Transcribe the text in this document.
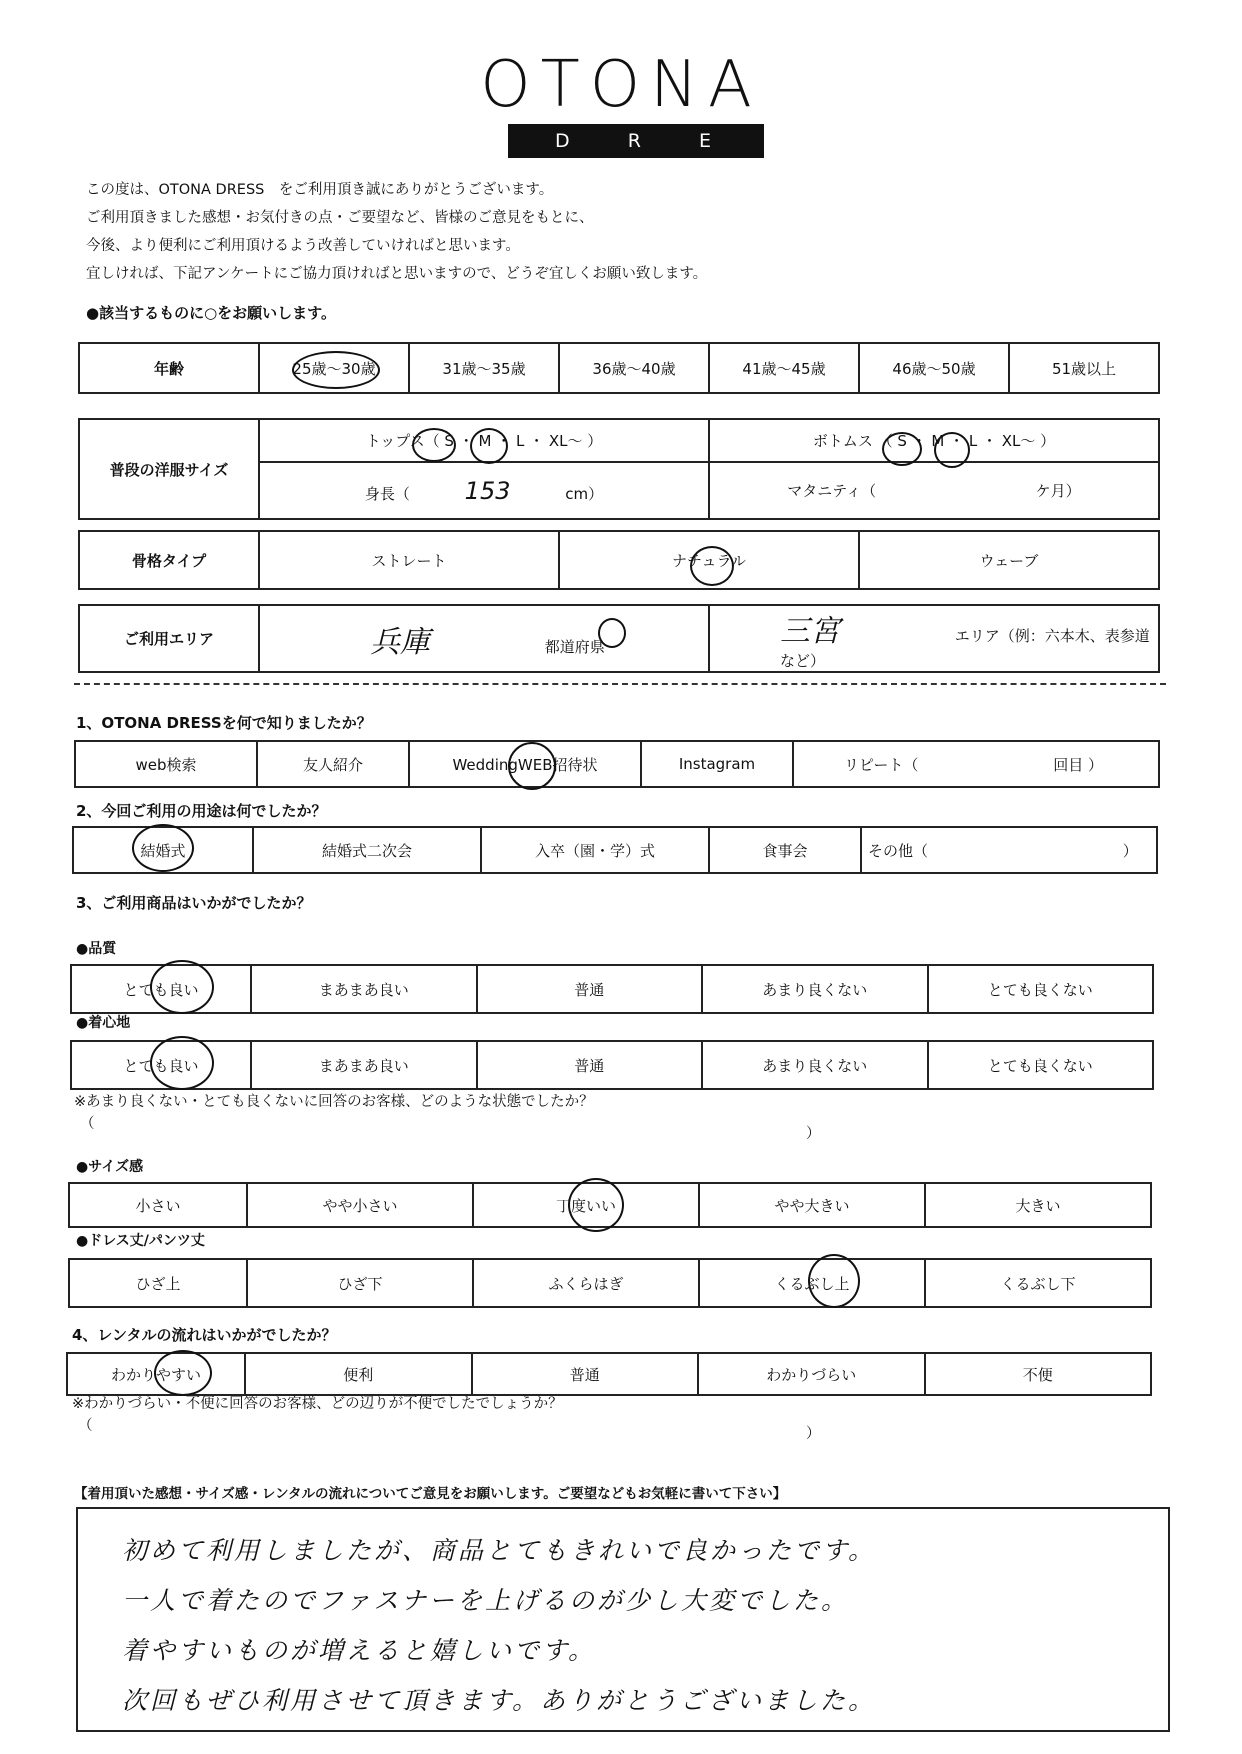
OTONA
D R E S S
この度は、OTONA DRESS　をご利用頂き誠にありがとうございます。
ご利用頂きました感想・お気付きの点・ご要望など、皆様のご意見をもとに、
今後、より便利にご利用頂けるよう改善していければと思います。
宜しければ、下記アンケートにご協力頂ければと思いますので、どうぞ宜しくお願い致します。
●該当するものに○をお願いします。
年齢	25歳～30歳	31歳～35歳	36歳～40歳	41歳～45歳	46歳～50歳	51歳以上
普段の洋服サイズ	トップス（ S ・ M ・ L ・ XL～ ）	ボトムス （ S ・ M ・ L ・ XL～ ）
	身長（ 153 cm）	マタニティ（ ケ月）
骨格タイプ	ストレート	ナチュラル	ウェーブ
ご利用エリア	兵庫	都道府県	三宮	エリア（例：六本木、表参道など）
1、OTONA DRESSを何で知りましたか？
web検索	友人紹介	WeddingWEB招待状	Instagram	リピート（	回目 ）
2、今回ご利用の用途は何でしたか？
結婚式	結婚式二次会	入卒（園・学）式	食事会	その他（	）
3、ご利用商品はいかがでしたか？
●品質
とても良い	まあまあ良い	普通	あまり良くない	とても良くない
●着心地
とても良い	まあまあ良い	普通	あまり良くない	とても良くない
※あまり良くない・とても良くないに回答のお客様、どのような状態でしたか？
（
）
●サイズ感
小さい	やや小さい	丁度いい	やや大きい	大きい
●ドレス丈/パンツ丈
ひざ上	ひざ下	ふくらはぎ	くるぶし上	くるぶし下
4、レンタルの流れはいかがでしたか？
わかりやすい	便利	普通	わかりづらい	不便
※わかりづらい・不便に回答のお客様、どの辺りが不便でしたでしょうか？
（	）
【着用頂いた感想・サイズ感・レンタルの流れについてご意見をお願いします。ご要望などもお気軽に書いて下さい】
初めて利用しましたが、商品とてもきれいで良かったです。
一人で着たのでファスナーを上げるのが少し大変でした。
着やすいものが増えると嬉しいです。
次回もぜひ利用させて頂きます。ありがとうございました。
